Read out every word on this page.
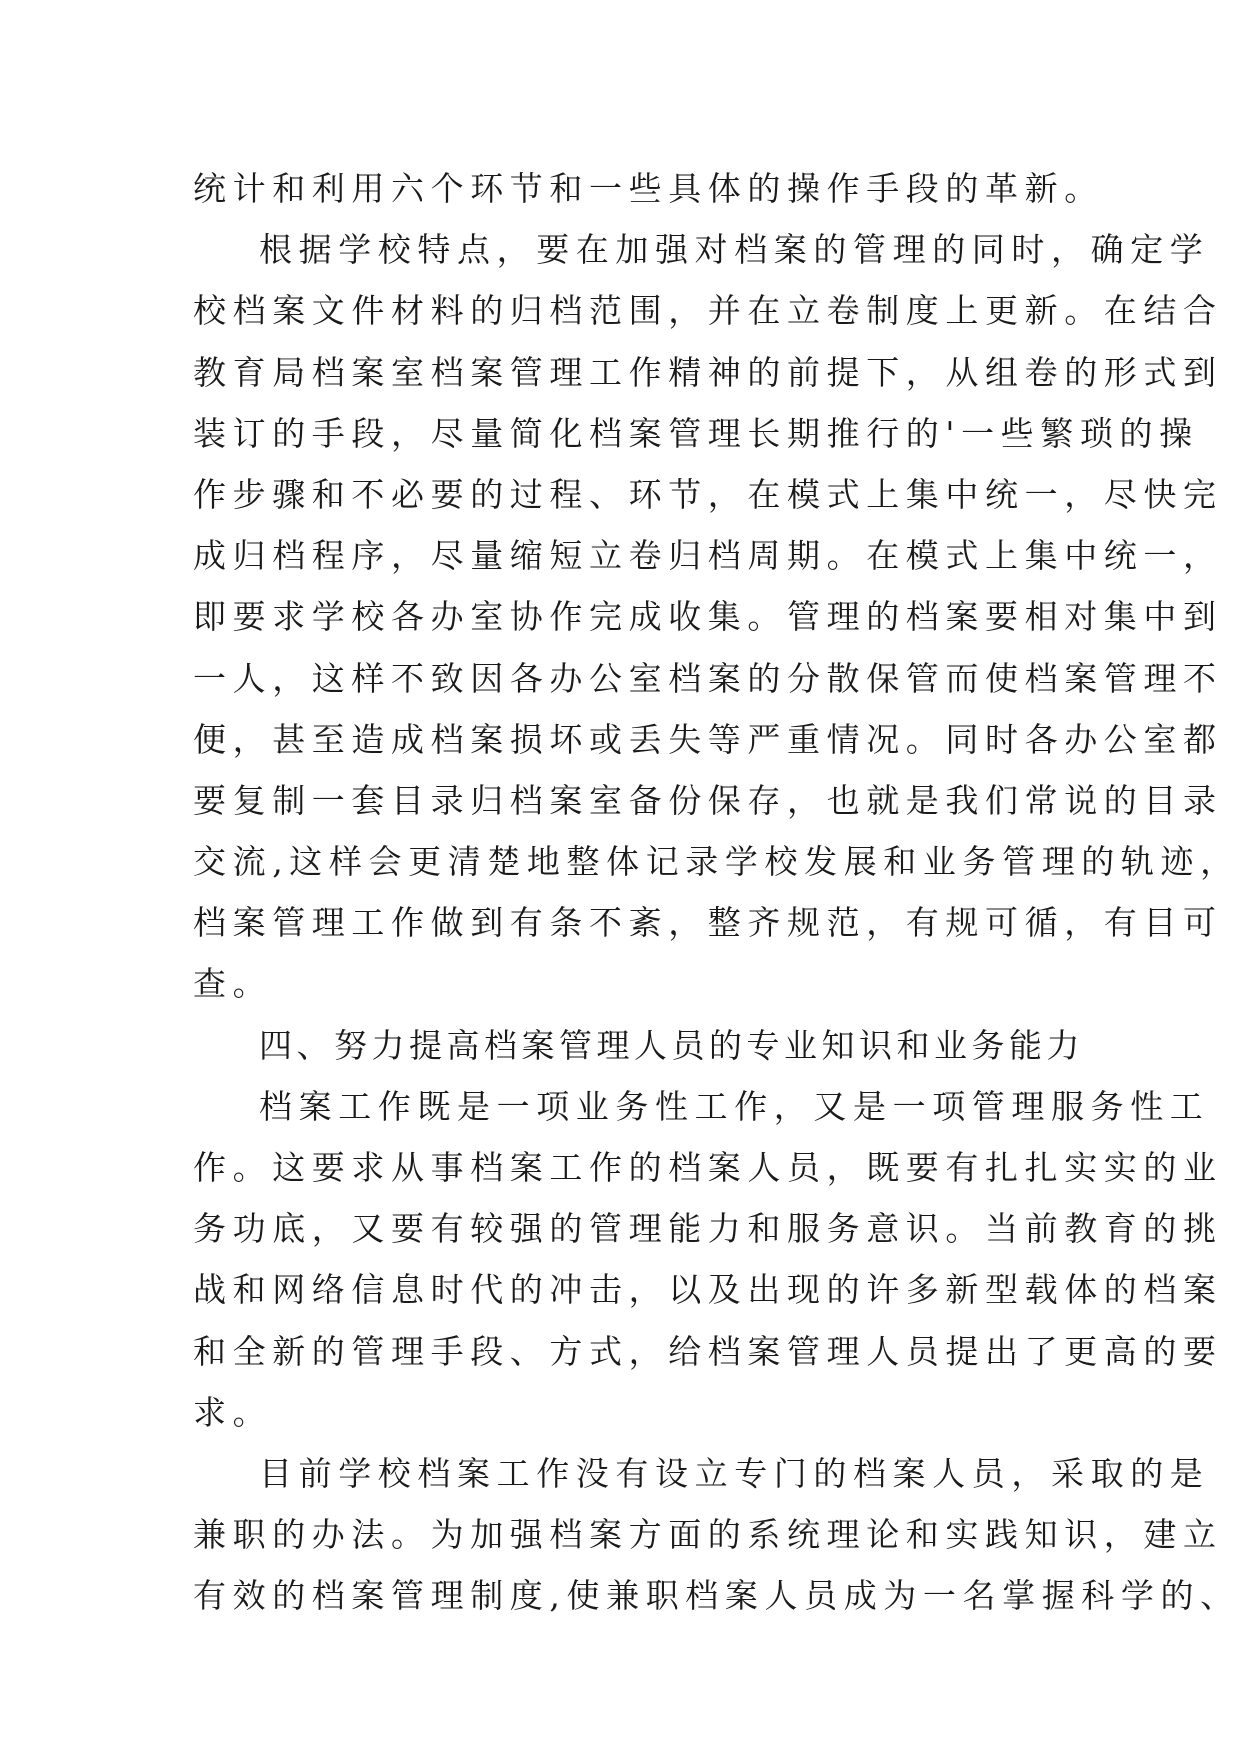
统计和利用六个环节和一些具体的操作手段的革新。
根据学校特点，要在加强对档案的管理的同时，确定学
校档案文件材料的归档范围，并在立卷制度上更新。在结合
教育局档案室档案管理工作精神的前提下，从组卷的形式到
装订的手段，尽量简化档案管理长期推行的'一些繁琐的操
作步骤和不必要的过程、环节，在模式上集中统一，尽快完
成归档程序，尽量缩短立卷归档周期。在模式上集中统一，
即要求学校各办室协作完成收集。管理的档案要相对集中到
一人，这样不致因各办公室档案的分散保管而使档案管理不
便，甚至造成档案损坏或丢失等严重情况。同时各办公室都
要复制一套目录归档案室备份保存，也就是我们常说的目录
交流,这样会更清楚地整体记录学校发展和业务管理的轨迹，
档案管理工作做到有条不紊，整齐规范，有规可循，有目可
查。
四、努力提高档案管理人员的专业知识和业务能力
档案工作既是一项业务性工作，又是一项管理服务性工
作。这要求从事档案工作的档案人员，既要有扎扎实实的业
务功底，又要有较强的管理能力和服务意识。当前教育的挑
战和网络信息时代的冲击，以及出现的许多新型载体的档案
和全新的管理手段、方式，给档案管理人员提出了更高的要
求。
目前学校档案工作没有设立专门的档案人员，采取的是
兼职的办法。为加强档案方面的系统理论和实践知识，建立
有效的档案管理制度,使兼职档案人员成为一名掌握科学的、
